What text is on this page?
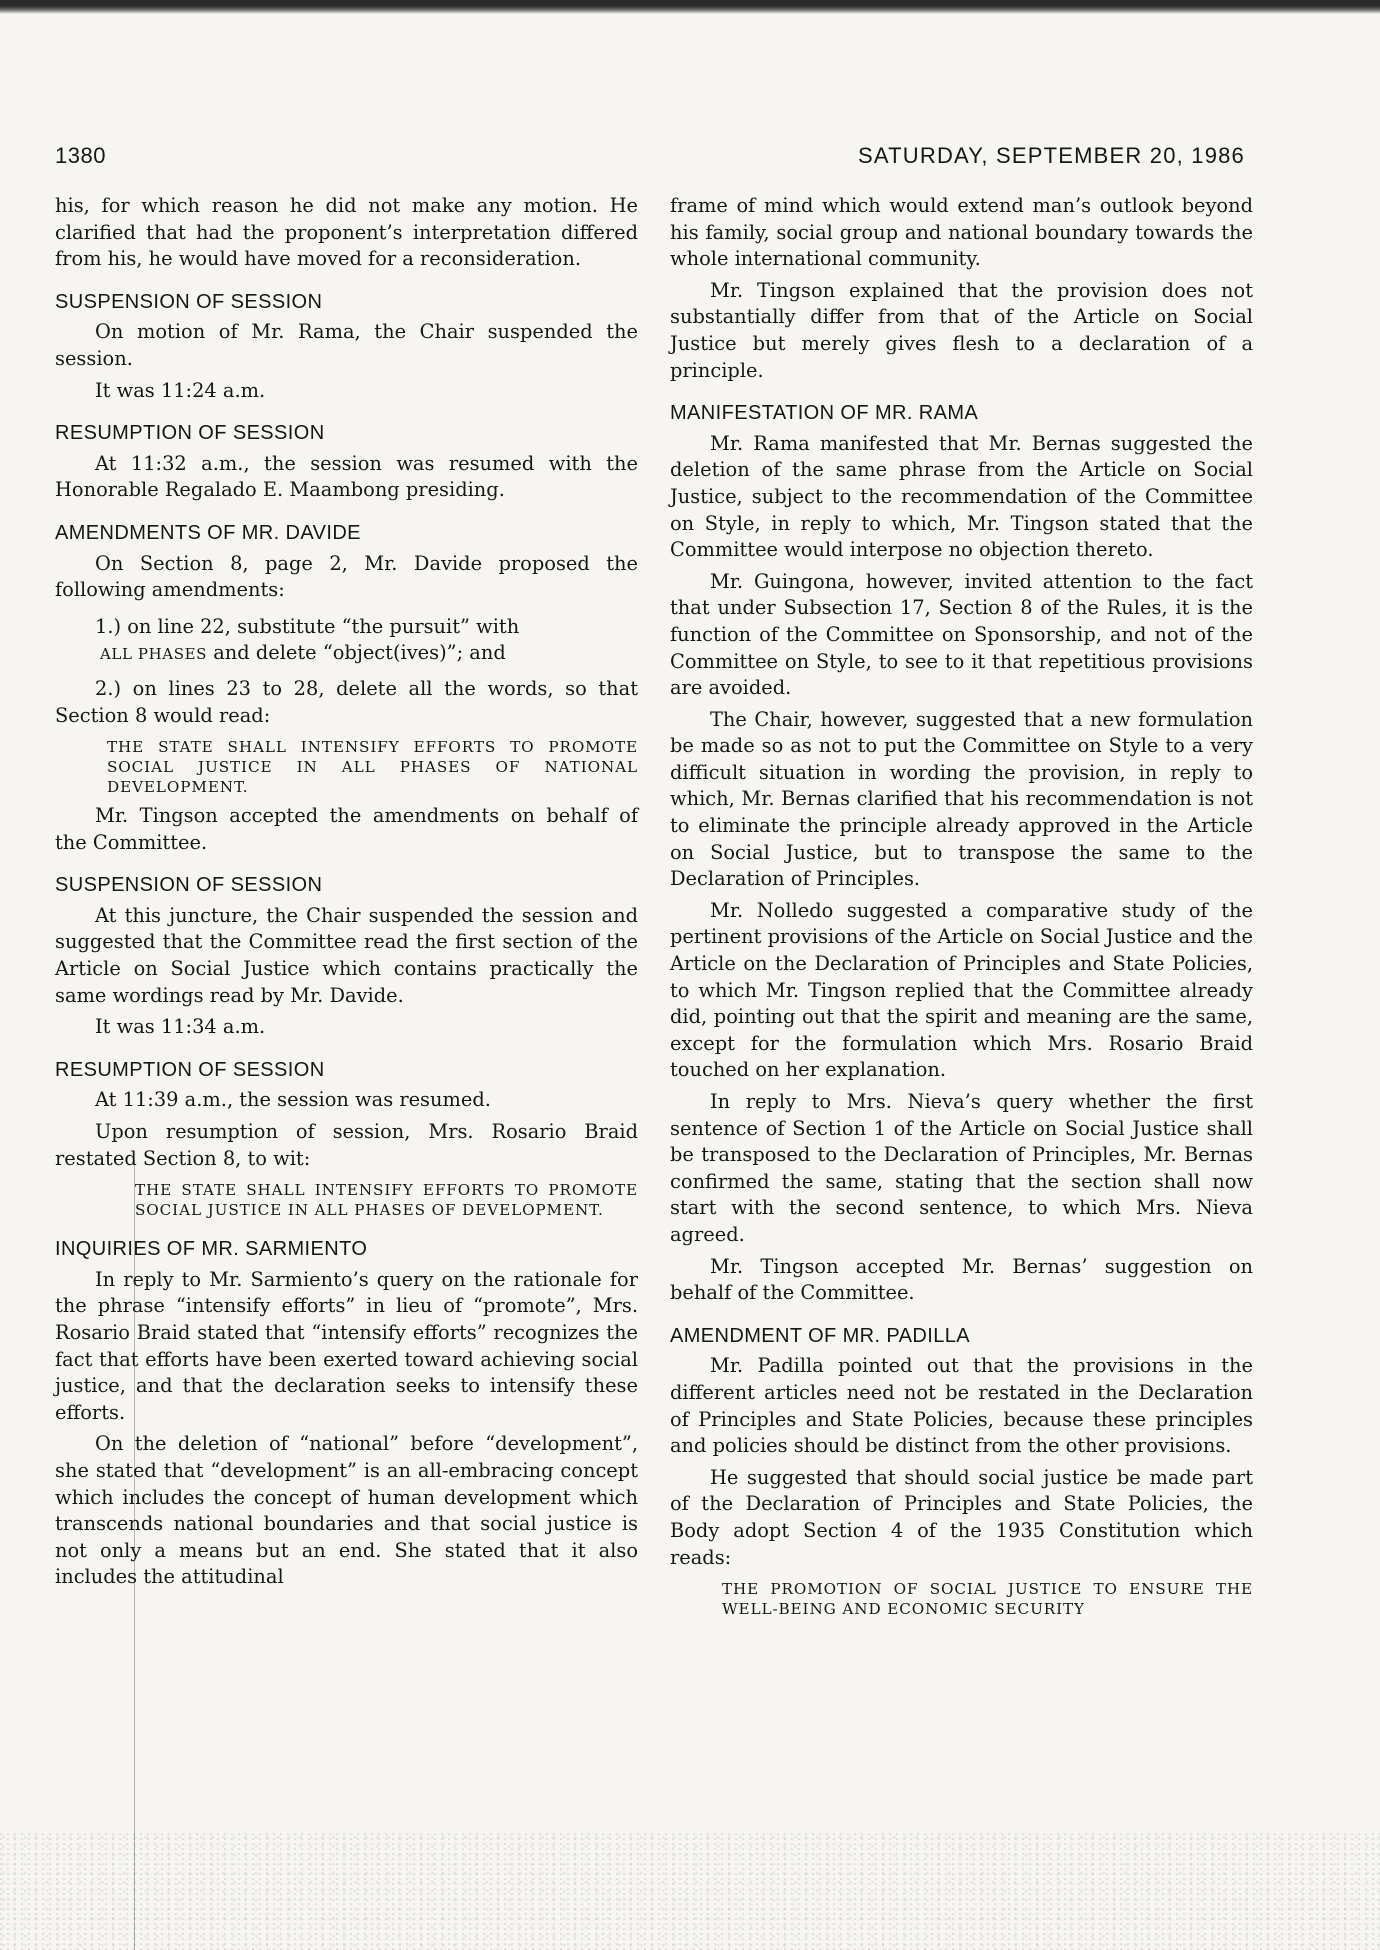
1380	SATURDAY, SEPTEMBER 20, 1986

his, for which reason he did not make any motion. He clarified that had the proponent’s interpretation differed from his, he would have moved for a reconsideration.

SUSPENSION OF SESSION

On motion of Mr. Rama, the Chair suspended the session.

It was 11:24 a.m.

RESUMPTION OF SESSION

At 11:32 a.m., the session was resumed with the Honorable Regalado E. Maambong presiding.

AMENDMENTS OF MR. DAVIDE

On Section 8, page 2, Mr. Davide proposed the following amendments:

1.) on line 22, substitute “the pursuit” with
ALL PHASES and delete “object(ives)”; and

2.) on lines 23 to 28, delete all the words, so that Section 8 would read:

THE STATE SHALL INTENSIFY EFFORTS TO PROMOTE SOCIAL JUSTICE IN ALL PHASES OF NATIONAL DEVELOPMENT.

Mr. Tingson accepted the amendments on behalf of the Committee.

SUSPENSION OF SESSION

At this juncture, the Chair suspended the session and suggested that the Committee read the first section of the Article on Social Justice which contains practically the same wordings read by Mr. Davide.

It was 11:34 a.m.

RESUMPTION OF SESSION

At 11:39 a.m., the session was resumed.

Upon resumption of session, Mrs. Rosario Braid restated Section 8, to wit:

THE STATE SHALL INTENSIFY EFFORTS TO PROMOTE SOCIAL JUSTICE IN ALL PHASES OF DEVELOPMENT.
INQUIRIES OF MR. SARMIENTO

In reply to Mr. Sarmiento’s query on the rationale for the phrase “intensify efforts” in lieu of “promote”, Mrs. Rosario Braid stated that “intensify efforts” recognizes the fact that efforts have been exerted toward achieving social justice, and that the declaration seeks to intensify these efforts.

On the deletion of “national” before “development”, she stated that “development” is an all-embracing concept which includes the concept of human development which transcends national boundaries and that social justice is not only a means but an end. She stated that it also includes the attitudinal

frame of mind which would extend man’s outlook beyond his family, social group and national boundary towards the whole international community.

Mr. Tingson explained that the provision does not substantially differ from that of the Article on Social Justice but merely gives flesh to a declaration of a principle.

MANIFESTATION OF MR. RAMA

Mr. Rama manifested that Mr. Bernas suggested the deletion of the same phrase from the Article on Social Justice, subject to the recommendation of the Committee on Style, in reply to which, Mr. Tingson stated that the Committee would interpose no objection thereto.

Mr. Guingona, however, invited attention to the fact that under Subsection 17, Section 8 of the Rules, it is the function of the Committee on Sponsorship, and not of the Committee on Style, to see to it that repetitious provisions are avoided.

The Chair, however, suggested that a new formulation be made so as not to put the Committee on Style to a very difficult situation in wording the provision, in reply to which, Mr. Bernas clarified that his recommendation is not to eliminate the principle already approved in the Article on Social Justice, but to transpose the same to the Declaration of Principles.

Mr. Nolledo suggested a comparative study of the pertinent provisions of the Article on Social Justice and the Article on the Declaration of Principles and State Policies, to which Mr. Tingson replied that the Committee already did, pointing out that the spirit and meaning are the same, except for the formulation which Mrs. Rosario Braid touched on her explanation.

In reply to Mrs. Nieva’s query whether the first sentence of Section 1 of the Article on Social Justice shall be transposed to the Declaration of Principles, Mr. Bernas confirmed the same, stating that the section shall now start with the second sentence, to which Mrs. Nieva agreed.

Mr. Tingson accepted Mr. Bernas’ suggestion on behalf of the Committee.

AMENDMENT OF MR. PADILLA

Mr. Padilla pointed out that the provisions in the different articles need not be restated in the Declaration of Principles and State Policies, because these principles and policies should be distinct from the other provisions.

He suggested that should social justice be made part of the Declaration of Principles and State Policies, the Body adopt Section 4 of the 1935 Constitution which reads:

THE PROMOTION OF SOCIAL JUSTICE TO ENSURE THE WELL-BEING AND ECONOMIC SECURITY
